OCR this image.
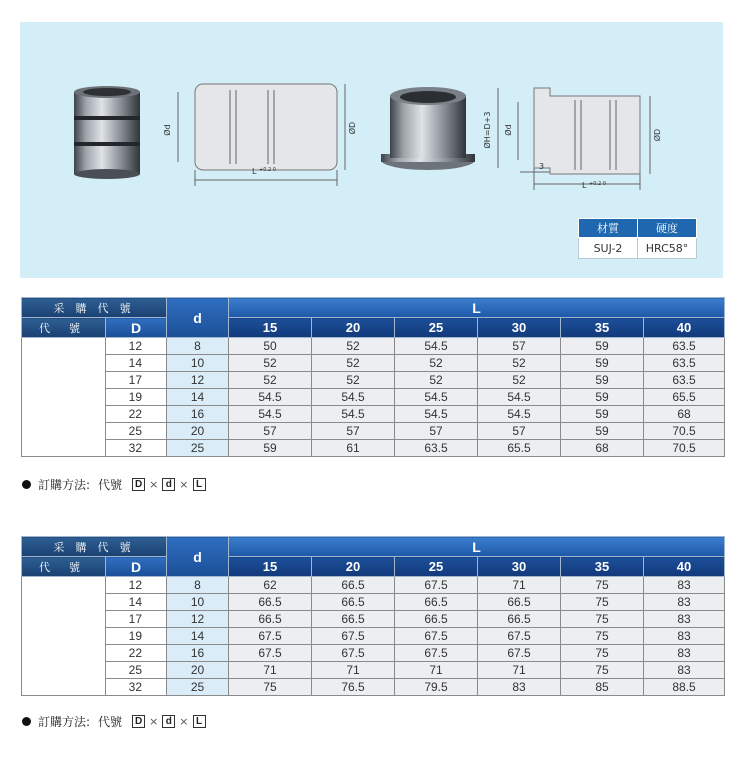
Ød	ØD
L +0.2 0
ØH=D+3 Ød	ØD
3
L +0.2 0
材質	硬度
SUJ-2	HRC58°
采 購 代 號		d	L					
代 號	D		15	20	25	30	35	40
	12	8	50	52	54.5	57	59	63.5
	14	10	52	52	52	52	59	63.5
	17	12	52	52	52	52	59	63.5
	19	14	54.5	54.5	54.5	54.5	59	65.5
	22	16	54.5	54.5	54.5	54.5	59	68
	25	20	57	57	57	57	59	70.5
	32	25	59	61	63.5	65.5	68	70.5
訂購方法: 代號 D × d × L
采 購 代 號		d	L					
代 號	D		15	20	25	30	35	40
	12	8	62	66.5	67.5	71	75	83
	14	10	66.5	66.5	66.5	66.5	75	83
	17	12	66.5	66.5	66.5	66.5	75	83
	19	14	67.5	67.5	67.5	67.5	75	83
	22	16	67.5	67.5	67.5	67.5	75	83
	25	20	71	71	71	71	75	83
	32	25	75	76.5	79.5	83	85	88.5
訂購方法: 代號 D × d × L
